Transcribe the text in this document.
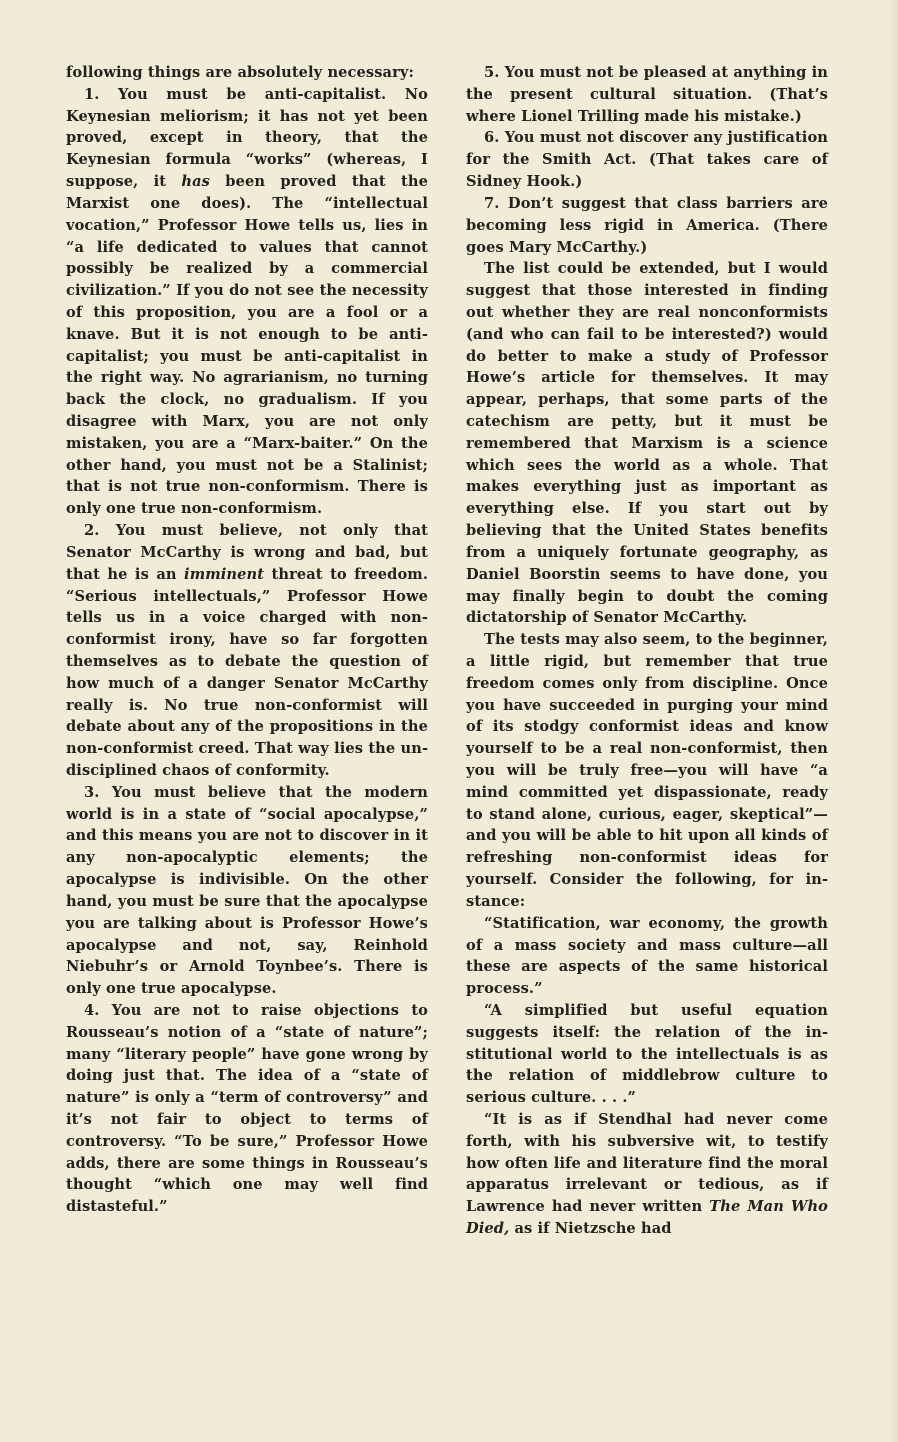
following things are absolutely necessary:

1. You must be anti-capitalist. No Keynesian meliorism; it has not yet been proved, except in theory, that the Keynesian formula “works” (whereas, I suppose, it has been proved that the Marxist one does). The “intellectual vocation,” Professor Howe tells us, lies in “a life dedicated to values that cannot possibly be realized by a commercial civilization.” If you do not see the necessity of this proposition, you are a fool or a knave. But it is not enough to be anti-capitalist; you must be anti-capitalist in the right way. No agrarianism, no turning back the clock, no gradualism. If you disagree with Marx, you are not only mistaken, you are a “Marx-baiter.” On the other hand, you must not be a Stalinist; that is not true non-conformism. There is only one true non-conformism.

2. You must believe, not only that Senator McCarthy is wrong and bad, but that he is an imminent threat to freedom. “Serious intellectuals,” Professor Howe tells us in a voice charged with non-conformist irony, have so far forgotten themselves as to debate the question of how much of a danger Senator McCarthy really is. No true non-conformist will debate about any of the propositions in the non-conformist creed. That way lies the undisciplined chaos of conformity.

3. You must believe that the modern world is in a state of “social apocalypse,” and this means you are not to discover in it any non-apocalyptic elements; the apocalypse is indivisible. On the other hand, you must be sure that the apocalypse you are talking about is Professor Howe’s apocalypse and not, say, Reinhold Niebuhr’s or Arnold Toynbee’s. There is only one true apocalypse.

4. You are not to raise objections to Rousseau’s notion of a “state of nature”; many “literary people” have gone wrong by doing just that. The idea of a “state of nature” is only a “term of controversy” and it’s not fair to object to terms of controversy. “To be sure,” Professor Howe adds, there are some things in Rousseau’s thought “which one may well find distasteful.”

5. You must not be pleased at anything in the present cultural situation. (That’s where Lionel Trilling made his mistake.)

6. You must not discover any justification for the Smith Act. (That takes care of Sidney Hook.)

7. Don’t suggest that class barriers are becoming less rigid in America. (There goes Mary McCarthy.)

The list could be extended, but I would suggest that those interested in finding out whether they are real nonconformists (and who can fail to be interested?) would do better to make a study of Professor Howe’s article for themselves. It may appear, perhaps, that some parts of the catechism are petty, but it must be remembered that Marxism is a science which sees the world as a whole. That makes everything just as important as everything else. If you start out by believing that the United States benefits from a uniquely fortunate geography, as Daniel Boorstin seems to have done, you may finally begin to doubt the coming dictatorship of Senator McCarthy.

The tests may also seem, to the beginner, a little rigid, but remember that true freedom comes only from discipline. Once you have succeeded in purging your mind of its stodgy conformist ideas and know yourself to be a real non-conformist, then you will be truly free—you will have “a mind committed yet dispassionate, ready to stand alone, curious, eager, skeptical”—and you will be able to hit upon all kinds of refreshing non-conformist ideas for yourself. Consider the following, for instance:

“Statification, war economy, the growth of a mass society and mass culture—all these are aspects of the same historical process.”

“A simplified but useful equation suggests itself: the relation of the institutional world to the intellectuals is as the relation of middlebrow culture to serious culture. . . .”

“It is as if Stendhal had never come forth, with his subversive wit, to testify how often life and literature find the moral apparatus irrelevant or tedious, as if Lawrence had never written The Man Who Died, as if Nietzsche had
